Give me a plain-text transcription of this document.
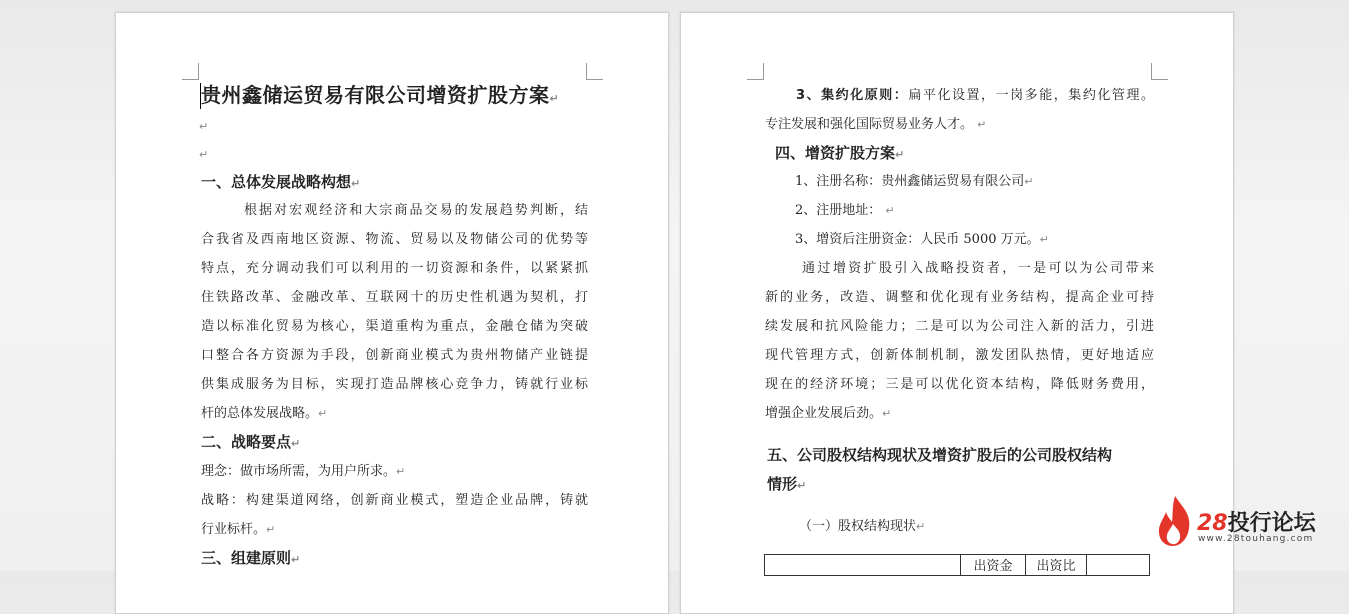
贵州鑫储运贸易有限公司增资扩股方案↵
↵
↵
一、总体发展战略构想↵
根据对宏观经济和大宗商品交易的发展趋势判断，结
合我省及西南地区资源、物流、贸易以及物储公司的优势等
特点，充分调动我们可以利用的一切资源和条件，以紧紧抓
住铁路改革、金融改革、互联网十的历史性机遇为契机，打
造以标准化贸易为核心，渠道重构为重点，金融仓储为突破
口整合各方资源为手段，创新商业模式为贵州物储产业链提
供集成服务为目标，实现打造品牌核心竞争力，铸就行业标
杆的总体发展战略。↵
二、战略要点↵
理念：做市场所需，为用户所求。↵
战略：构建渠道网络，创新商业模式，塑造企业品牌，铸就
行业标杆。↵
三、组建原则↵
3、集约化原则：扁平化设置，一岗多能，集约化管理。
专注发展和强化国际贸易业务人才。 ↵
四、增资扩股方案↵
1、注册名称：贵州鑫储运贸易有限公司↵
2、注册地址： ↵
3、增资后注册资金：人民币 5000 万元。↵
通过增资扩股引入战略投资者，一是可以为公司带来
新的业务，改造、调整和优化现有业务结构，提高企业可持
续发展和抗风险能力；二是可以为公司注入新的活力，引进
现代管理方式，创新体制机制，激发团队热情，更好地适应
现在的经济环境；三是可以优化资本结构，降低财务费用，
增强企业发展后劲。↵
五、公司股权结构现状及增资扩股后的公司股权结构
情形↵
（一）股权结构现状↵
	出资金	出资比	
28投行论坛
www.28touhang.com
